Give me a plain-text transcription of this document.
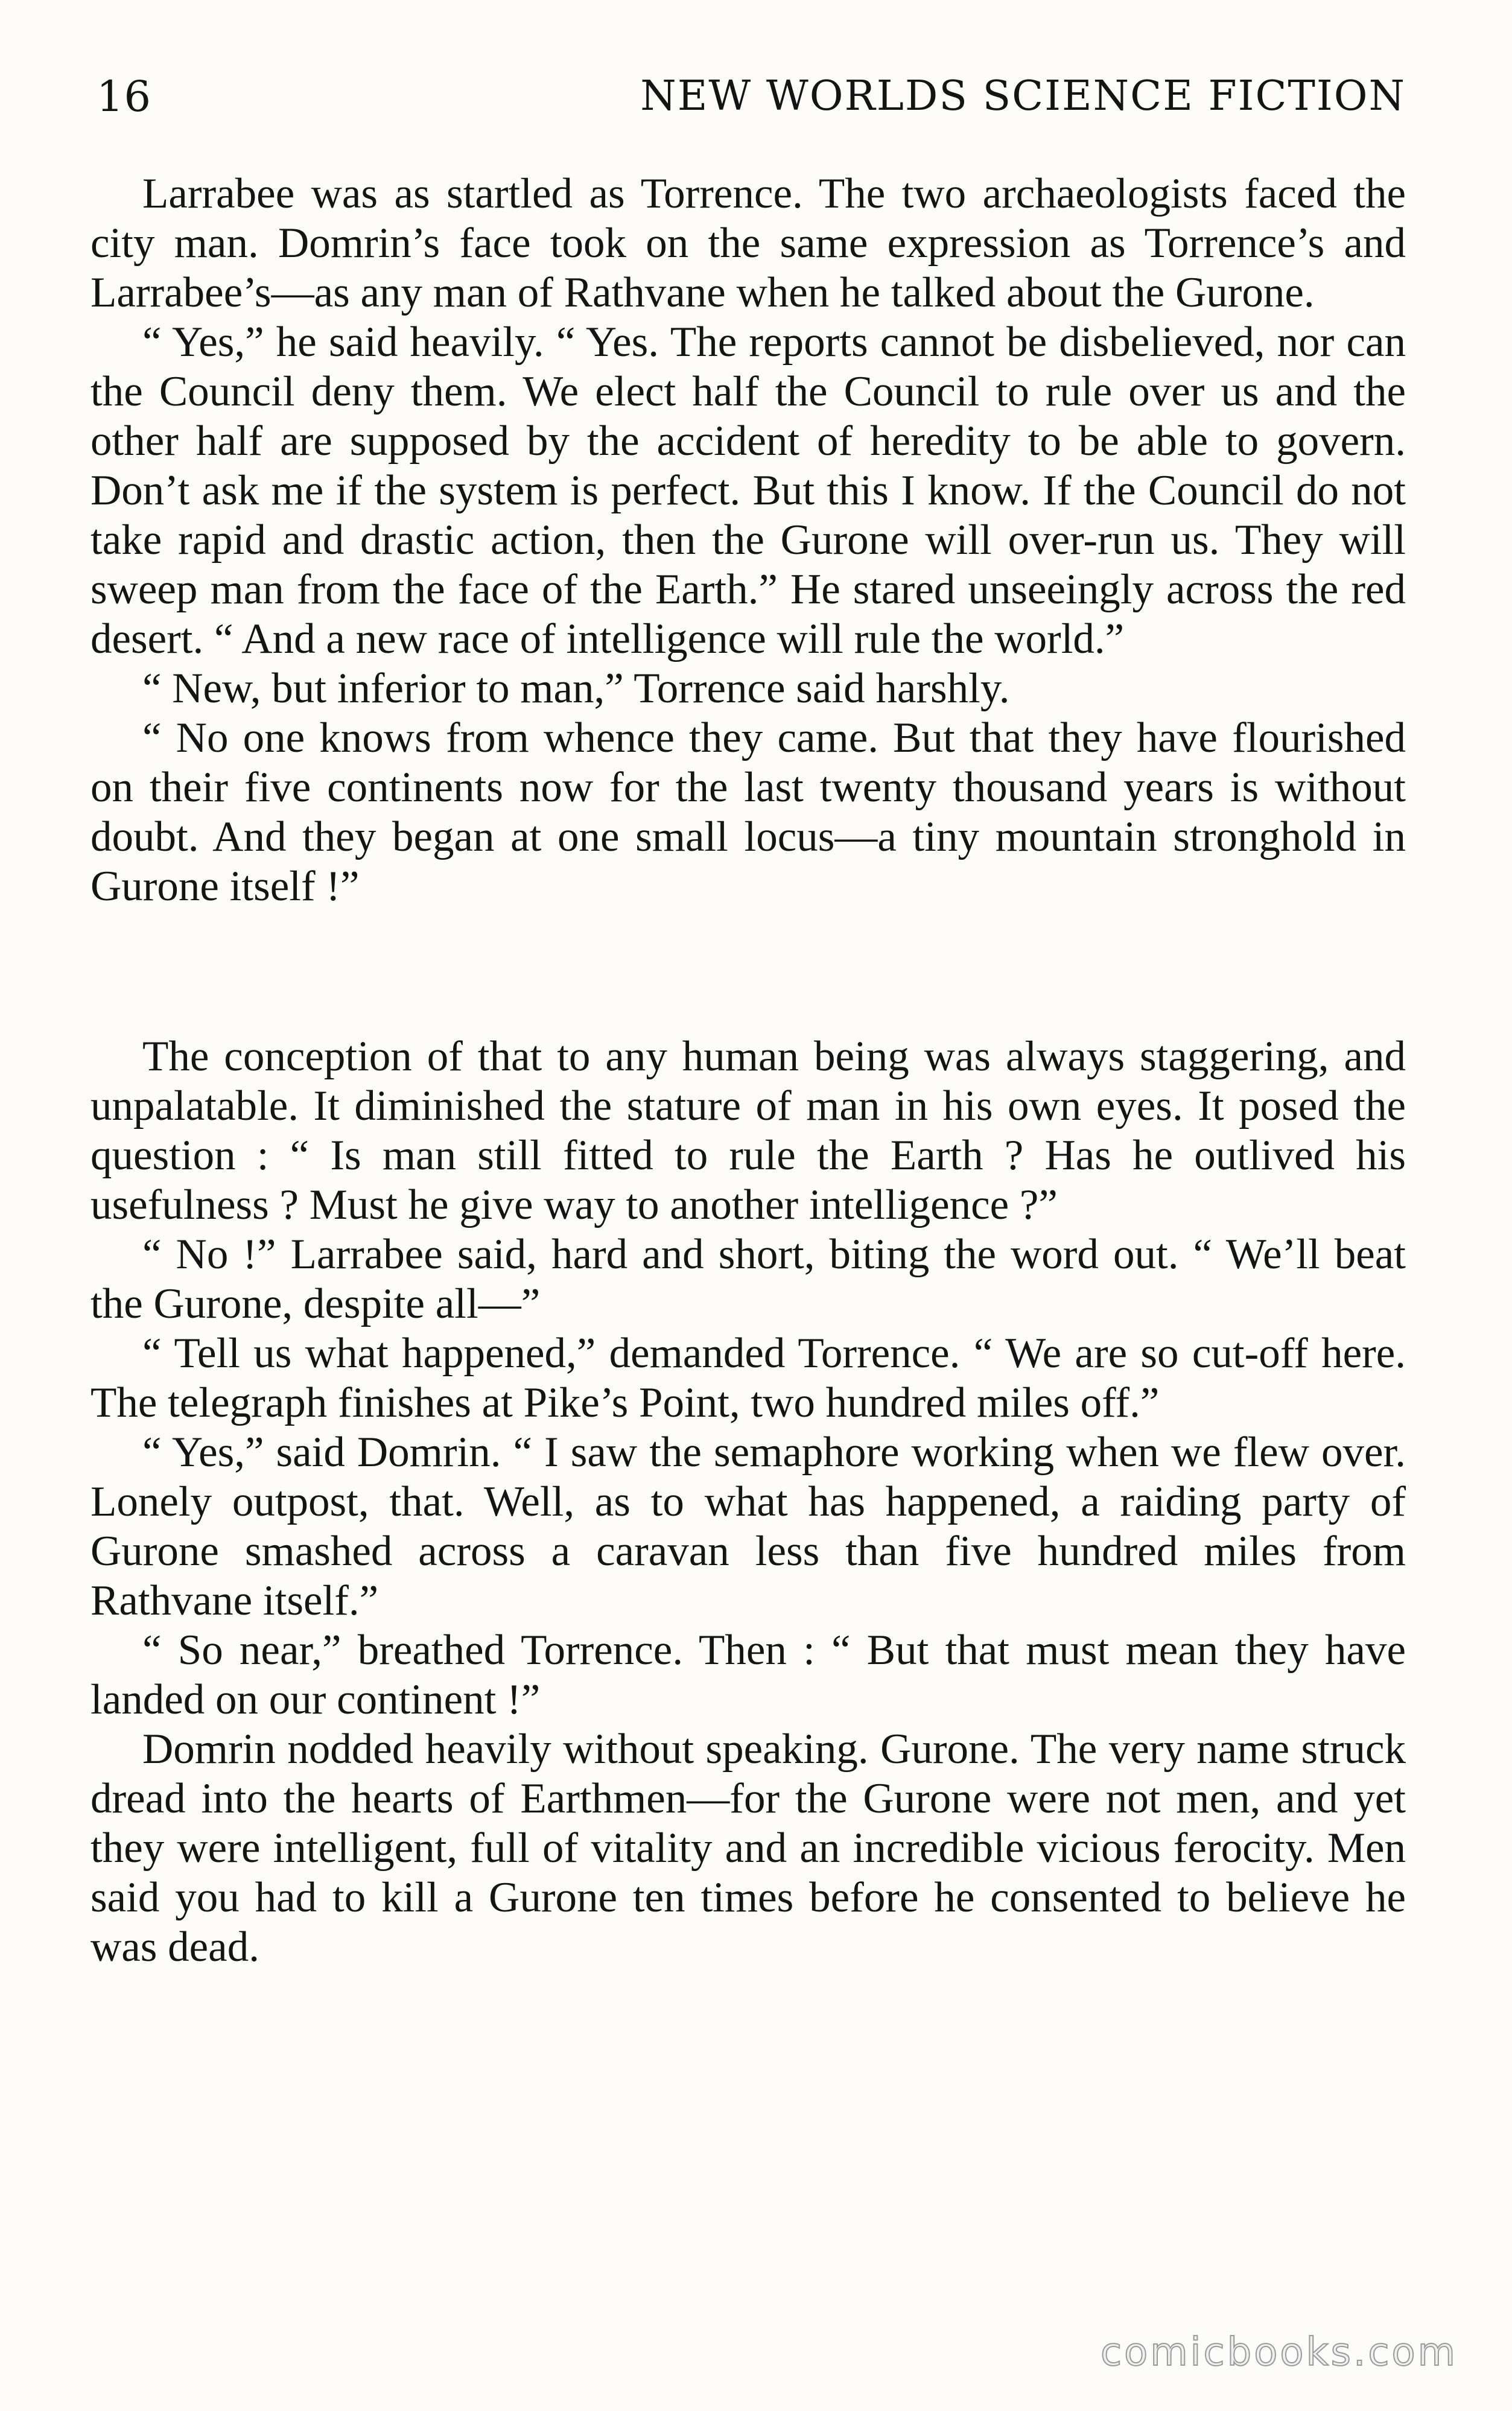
16	NEW WORLDS SCIENCE FICTION

Larrabee was as startled as Torrence. The two archaeologists faced the city man. Domrin’s face took on the same expression as Torrence’s and Larrabee’s—as any man of Rathvane when he talked about the Gurone.

“ Yes,” he said heavily. “ Yes. The reports cannot be disbelieved, nor can the Council deny them. We elect half the Council to rule over us and the other half are supposed by the accident of heredity to be able to govern. Don’t ask me if the system is perfect. But this I know. If the Council do not take rapid and drastic action, then the Gurone will over-run us. They will sweep man from the face of the Earth.” He stared unseeingly across the red desert. “ And a new race of intelligence will rule the world.”

“ New, but inferior to man,” Torrence said harshly.

“ No one knows from whence they came. But that they have flourished on their five continents now for the last twenty thousand years is without doubt. And they began at one small locus—a tiny mountain stronghold in Gurone itself !”

The conception of that to any human being was always staggering, and unpalatable. It diminished the stature of man in his own eyes. It posed the question : “ Is man still fitted to rule the Earth ? Has he outlived his usefulness ? Must he give way to another intelligence ?”

“ No !” Larrabee said, hard and short, biting the word out. “ We’ll beat the Gurone, despite all—”

“ Tell us what happened,” demanded Torrence. “ We are so cut-off here. The telegraph finishes at Pike’s Point, two hundred miles off.”

“ Yes,” said Domrin. “ I saw the semaphore working when we flew over. Lonely outpost, that. Well, as to what has happened, a raiding party of Gurone smashed across a caravan less than five hundred miles from Rathvane itself.”

“ So near,” breathed Torrence. Then : “ But that must mean they have landed on our continent !”

Domrin nodded heavily without speaking. Gurone. The very name struck dread into the hearts of Earthmen—for the Gurone were not men, and yet they were intelligent, full of vitality and an incredible vicious ferocity. Men said you had to kill a Gurone ten times before he consented to believe he was dead.

comicbooks.com
